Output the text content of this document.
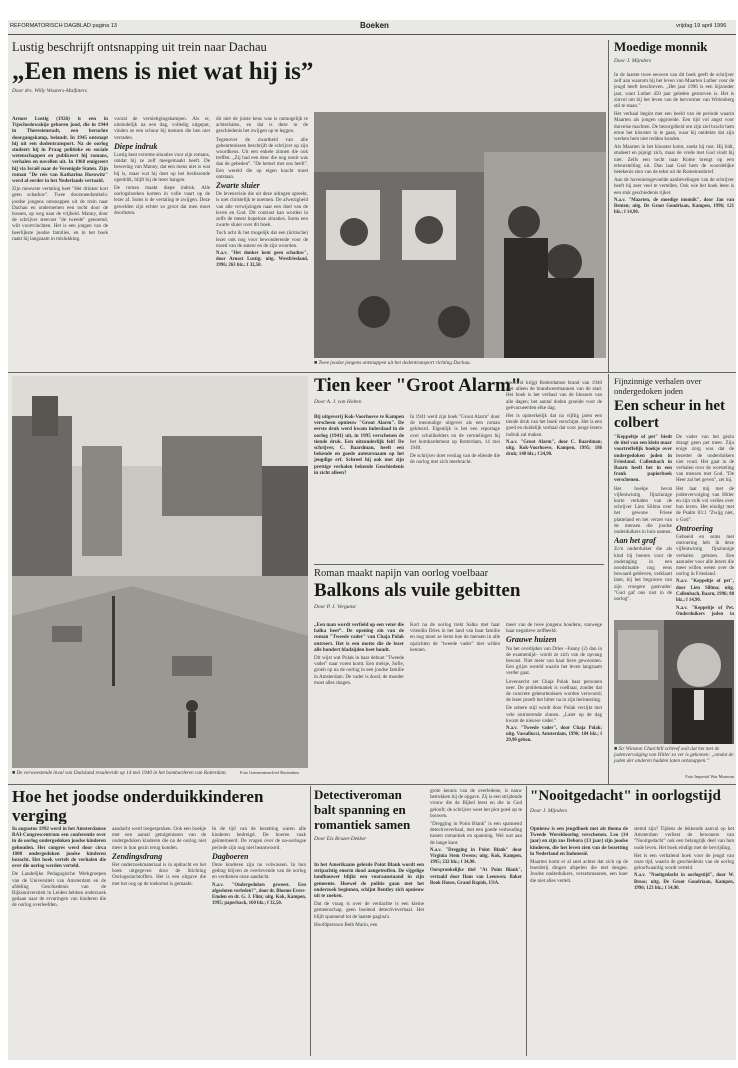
REFORMATORISCH DAGBLAD pagina 13	Boeken	vrijdag 19 april 1996
Lustig beschrijft ontsnapping uit trein naar Dachau
„Een mens is niet wat hij is”
Door drs. Willy Wouters-Malfaters

Arnost Lustig (1926) is een in Tsjechoslowakije geboren jood, die in 1944 in Theresienstadt, een beruchte doorgangskamp, belandt. In 1945 ontsnapt hij uit een dodentransport. Na de oorlog studeert hij in Praag politieke en sociale wetenschappen en publiceert hij romans, verhalen en novellen uit. In 1968 emigreert hij via Israël naar de Verenigde Staten. Zijn roman "De reis van Katharina Horowitz" werd al eerder in het Nederlands vertaald.

Zijn nieuwste vertaling heet "Het drinker kort geen schaduw". Twee doorsneedomkels: joodse jongens ontsnappen uit de trein naar Dachau en ondernemen een tocht door de bossen, op weg naar de vrijheid. Manny, door de schrijver steevast "de tweede" genoemd, wilt voortvluchten. Het is een jongen van de heerlijkste joodse families, en in het boek raakt hij langzaam in mislukking.

vooral de vernietigingskampen. Als er, uiteindelijk na een dag, volledig uitgeput, vinden ze een schuur bij mensen die hen niet verraden.

Diepe indruk

Lustig kent extreme situaties voor zijn romans, omdat hij ze zelf meegemaakt heeft. De bewering van Manny, dat een mens niet is wat hij is, maar wat hij doet op het beslissende ogenblik, blijft bij de lezer hangen.

De roman maakt diepe indruk. Alle oorlogsboeken komen in volle vaart op de lezer af. Soms is de vertaling te zwijgen. Deze gewelden zijn echter zo groot dat men moet doorlezen.

dit niet de juiste keus was is onmogelijk te achterhalen, en dat is deze in de geschiedenis het zwijgen op te leggen.

Tegenover de zwartheid van alle gebeurtenissen beschrijft de schrijver op zijn woordkeus. Uit een enkele zinnen die ook treffen. „Zij had een deur die nog nooit was dan de gebeden”. "De hemel met ons heeft". Een wereld die op eigen kracht moet ontstaan.

Zwarte sluier

De levensvisie die uit deze uitingen spreekt, is niet christelijk te noemen. De afwezigheid van alle verwijzingen naar een doel van de leven en God. Dit contrast kan worden in zelfs de meest hopeloze situaties. Soms een zwarte sluier over dit boek.

Toch acht ik het mogelijk dat een (kritische) lezer ook nog voor bewonderende voor de moed van de auteur en de zijn woorden.

N.a.v. "Het donker kent geen schaduw", door Arnost Lustig; uitg. Westfriesland, 1996; 263 blz.; f 32,50.

■ Twee joodse jongens ontsnappen uit het dodentransport richting Dachau.
Moedige monnik
Door J. Mijnders

In de laatste twee eeuwen van dit boek geeft de schrijver zelf aan waarom hij het leven van Maarten Luther voor de jeugd heeft beschreven. „Het jaar 1996 is een bijzonder jaar, want Luther 450 jaar geleden gestorven is. Het is zinvol om bij het leven van de hervormer van Wittenberg stil te staan.”

Het verhaal begint met een beeld van de periode waarin Maarten als jongen opgroeide. Een tijd vol angst voor duivelse machten. De bezorgdheid om zijn ziel bracht hem ertoe het klooster in te gaan, waar hij ontdekte dat zijn werken hem niet redden konden.

Als Maarten in het klooster komt, zoekt hij rust. Hij bidt, studeert en pijnigt zich, maar de vrede met God vindt hij niet. Zelfs een tocht naar Rome brengt op een teleurstelling uit. Dan laat God hem de woordelijke betekenis zien van de tekst uit de Romeinenbrief.

Aan de hoveniersgevoelde aanbevelingen van de schrijver heeft hij zeer veel te vertellen. Ook wie het boek leest is een stuk geschiedenis rijker.

N.a.v. "Maarten, de moedige monnik", door Jan van Benten; uitg. De Groot Goudriaan, Kampen, 1996; 121 blz.; f 14,90.

■ De verwoestende inval van Duitsland resulteerde op 14 mei 1940 in het bombarderen van Rotterdam.	Foto Gemeentearchief Rotterdam
Tien keer "Groot Alarm"
Door A. J. van Holten

Bij uitgeverij Kok-Voorhoeve te Kampen verscheen opnieuw "Groot Alarm". De eerste druk werd kwam inderdaad in de oorlog (1941) uit, in 1995 verschenen de tiende druk. Een uitzonderlijk feit! De schrijver, C. Baardman, heeft een bekende en goede auteursnaam op het jeugdige erf. Schreef hij ook met zijn prettige verhalen bekende Geschiedenis in zicht alleen?

In 1941 werd zijn boek "Groot Alarm" door de toenmalige uitgever als een roman gekleurd. Eigenlijk is het een reportage over schuilkelders en de vernielingen bij het bombardement op Rotterdam, 14 mei 1940.

De schrijver doet verslag van de ellende die de oorlog met zich meebracht.

hoofdrol krijgt Rotterdamse brand van 1940 niet alleen de brandweermannen van de stad. Het boek is het verhaal van de blussers van alle dagen; het aantal doden groeide voor de geëvacueerden elke dag.

Het is opmerkelijk dat na vijftig jaren een tiende druk van het boek verschijnt. Het is een goed en duidelijk verhaal dat voor jonge lezers indruk zal maken.

N.a.v. "Groot Alarm", door C. Baardman; uitg. Kok-Voorhoeve, Kampen, 1995; 186 druk; 140 blz.; f 24,90.

Roman maakt napijn van oorlog voelbaar
Balkons als vuile gebitten
Door P. J. Vergunst

„Een man wordt verfield op een veter die balka heet”. De opening zin van de roman "Tweede vader" van Chaja Polak ontroert. Het is een motto die de lezer alle hondert bladzijden beet houdt.

Dit wijst wat Polak in haar debuut "Tweede vader" naar voren komt. Een meisje, Sofie, groeit op na de oorlog in een joodse familie in Amsterdam. De vader is dood, de moeder moet alles dragen.

Kort na de oorlog trekt Salka met haar vriendin Dries in het land van haar familie en nog moet ze leren hoe de mensen in alle opzichten de "tweede vader" niet willen kennen.

meer van de twee jongens houdens, vanwege haar negatieve zelfbeeld.

Grauwe huizen

Na het overlijden van Dries –Fanny (2) dan in de examentijd– wordt ze zich van de opvang bewust. Niet meer van haar lieve gewoonten. Een grijze wereld waarin het leven langzaam verder gaat.

Levensecht zet Chaja Polak haar personen neer. De problematiek is voelbaar, zonder dat de concrete gebeurtenissen worden verwoord; de lezer proeft het bitter na in zijn herinnering.

De sobere stijl wordt door Polak verrijkt met vele ontroerende zinnen. „Later op de dag kwam de nieuwe vader.”

N.a.v. "Tweede vader", door Chaja Polak; uitg. Vassallucci, Amsterdam, 1996; 184 blz.; f 29,90 gebon.

Fijnzinnige verhalen over ondergedoken joden
Een scheur in het colbert

"Keppeltje of pet" biedt de titel van een klein maar voortreffelijk boekje over ondergedoken joden in Friesland. Callenbach in Baarn heeft het in een frank papierboek verschenen.

Het boekje bevat vijfentwintig fijnzinnige korte verhalen van de schrijver Lien Sillma over het gewone Friese platteland en het verzet van de mensen die joodse onderduikers in huis namen.

Aan het graf

Zo'n onderduiker die als kind bij boeren voor de onderaging in een noodsituatie nog eens bewaard gebleven, verklaart later, bij het begraven van zijn vroegere gastvader: "God gaf ons rust in de oorlog".

De vader van het gezin draagt geen pet meer. Zijn enige zorg was dat de bezetter de onderduikers niet vond. Het gaat in de verhalen over de worsteling van mensen met God. "De Heer zal het geven", zei hij.

Het laat mij met de jodenvervolging van Hitler en zijn volk vol verlies over hun leven. Het eindigt met de Psalm 83:1 "Zwijg niet, o God".

Ontroering

Geboeid en soms met ontroering heb ik deze vijfentwintig fijnzinnige verhalen gelezen. Een aanrader voor alle lezers die meer willen weten over de oorlog in Friesland.

N.a.v. "Keppeltje of pet", door Lien Sillma; uitg. Callenbach, Baarn, 1996; 88 blz.; f 14,90.

N.a.v. "Keppeltje of Pet. Onderduikers joden in

■ Sir Winston Churchill schreef ooit dat het met de jodenvervolging van Hitler zo ver is gekomen: „omdat de joden der anderen hadden laten ontsnappen.”
Foto Imperial War Museum
Hoe het joodse onderduikkinderen verging

In augustus 1992 werd in het Amsterdamse RAI-Congrescentrum een conferentie over in de oorlog ondergedoken joodse kinderen gehouden. Het congres werd door circa 1000 ondergedoken joodse kinderen bezocht. Het boek vertelt de verhalen die over die oorlog werden verteld.

De Landelijke Pedagogische Werkgroepen van de Universiteit van Amsterdam en de afdeling Geschiedenis van de Rijksuniversiteit in Leiden hebben onderzoek gedaan naar de ervaringen van kinderen die de oorlog overleefden.

aandacht werd toegesproken. Ook een boekje met een aantal getuigenissen van de ondergedoken kinderen die na de oorlog niet meer in hun gezin terug konden.

Zendingsdrang

Het onderzoekmateriaal is in opdracht en het boek uitgegeven door de Stichting Oorlogsslachtoffers. Het is een uitgave die met het oog op de toekomst is gemaakt.

In de tijd van de bezetting waren alle kinderen bedreigd. De boeren vaak geïnterneerd. De vragen over de na-oorlogse periode zijn nog niet beantwoord.

Dagboeren

Deze kinderen zijn nu volwassen. In hun gedrag blijven ze overlevende van de oorlog en verdienen onze aandacht.

N.a.v. "Ondergedoken geweest. Een afgesloten verleden?", door dr. Bloeme Evers-Emden en dr. G. J. Flim; uitg. Kok, Kampen, 1995; paperback, 160 blz.; f 32,50.

Detectiveroman balt spanning en romantiek samen
Door Els Bruzet-Dekker

In het Amerikaans gelezde Point Blank wordt een stripachtig enorm dood aangetroffen. De vijgelige landbouwer blijkt een vooraanstaand in zijn gemeente. Hoewel de politie gaan met het onderzoek beginnen, schijnt Bentley zich opnieuw uit te zoeken.

Dat de vraag is over de verdachte is een kleine gemeenschap, geen boeiend detectiveverhaal. Het blijft spannend tot de laatste pagina's.

Hoofdpersoon Beth Marin, een

grote kennis van de overledene, is nauw betrokken bij de opgave. Zij is een strijdende vrouw die de Bijbel leest en die in God gelooft; de schrijver weet het plot goed op te bouwen.

"Dregging in Point Blank" is een spannend detectiveverhaal, met een goede verhouding tussen romantiek en spanning. Wel wat aan de lange kant.

N.a.v. "Dregging in Point Blank" door Virginia Stem Owens; uitg. Kok, Kampen, 1995; 232 blz.; f 34,90.

Oorspronkelijke titel "At Point Blank", vertaald door Hans van Leeuwen; Baker Book House, Grand Rapids, USA.

"Nooitgedacht" in oorlogstijd
Door J. Mijnders

Opnieuw is een jeugdboek met als thema de Tweede Wereldoorlog verschenen. Leo (14 jaar) en zijn zus Debora (13 jaar) zijn joodse kinderen, die het leven zien van de bezetting in Nederland en Indonesië.

Maarten komt er al snel achter dat zich op de boerderij dingen afspelen die niet deugen. Joodse onderduikers, verzetsmannen, een boer die niet alles vertelt.

stemd zijn? Tijdens de lekkende aanval op het Amsterdam verliest de bewoners van "Nooitgedacht" ook een belangrijk deel van hun oude leven. Het boek eindigt met de bevrijding.

Het is een verhalend boek voor de jeugd van onze tijd, waarin de geschiedenis van de oorlog geloofwaardig wordt verteld.

N.a.v. "Nooitgedacht in oorlogstijd", door W. Breas; uitg. De Groot Goudriaan, Kampen, 1996; 123 blz.; f 14,90.
